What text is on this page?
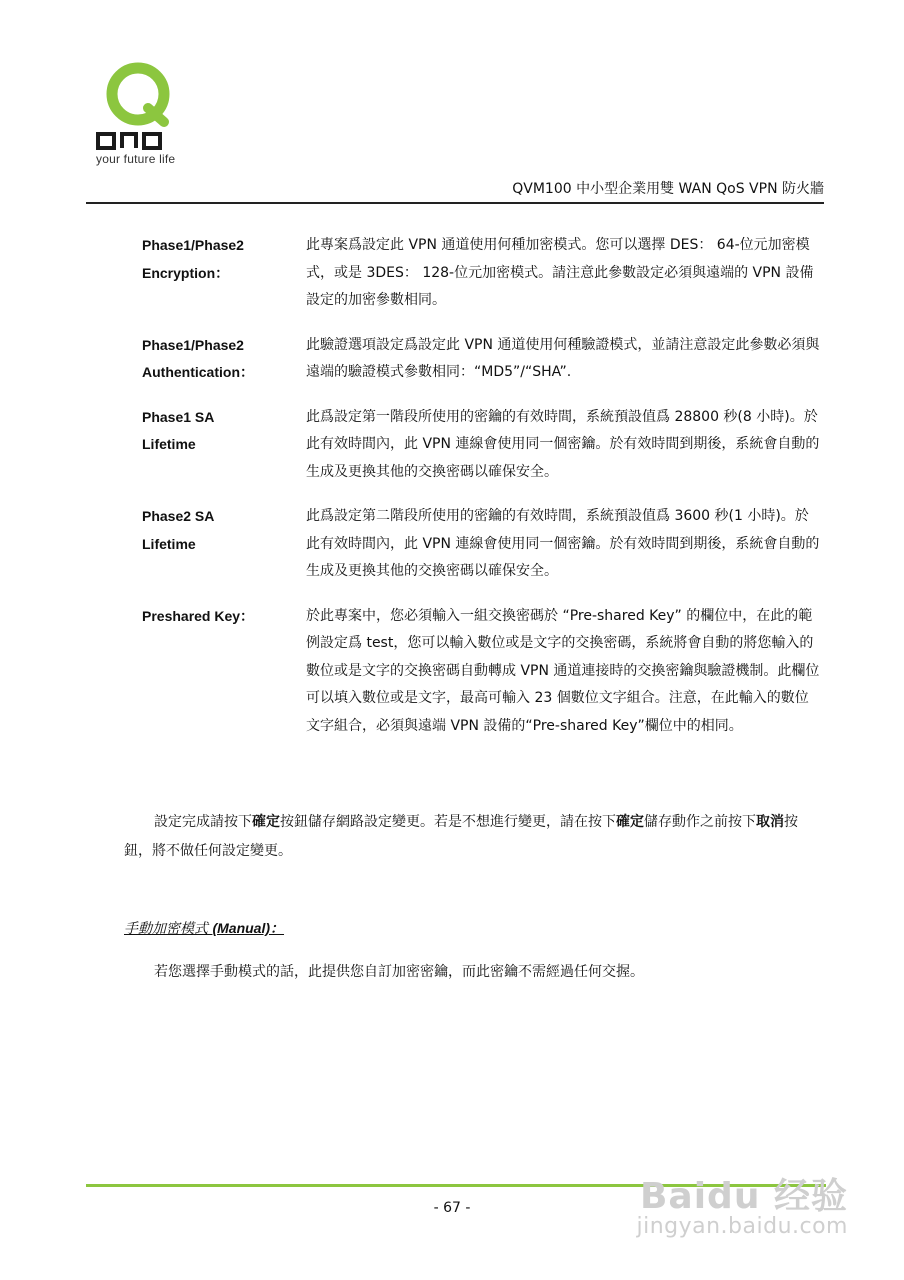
QNO
your future life
QVM100 中小型企業用雙 WAN QoS VPN 防火牆
Phase1/Phase2
Encryption：
此專案爲設定此 VPN 通道使用何種加密模式。您可以選擇 DES： 64-位元加密模式，或是 3DES： 128-位元加密模式。請注意此參數設定必須與遠端的 VPN 設備設定的加密參數相同。
Phase1/Phase2
Authentication：
此驗證選項設定爲設定此 VPN 通道使用何種驗證模式，並請注意設定此參數必須與遠端的驗證模式參數相同：“MD5”/“SHA”.
Phase1 SA
Lifetime
此爲設定第一階段所使用的密鑰的有效時間，系統預設值爲 28800 秒(8 小時)。於此有效時間內，此 VPN 連線會使用同一個密鑰。於有效時間到期後，系統會自動的生成及更換其他的交換密碼以確保安全。
Phase2 SA
Lifetime
此爲設定第二階段所使用的密鑰的有效時間，系統預設值爲 3600 秒(1 小時)。於此有效時間內，此 VPN 連線會使用同一個密鑰。於有效時間到期後，系統會自動的生成及更換其他的交換密碼以確保安全。
Preshared Key：	於此專案中，您必須輸入一組交換密碼於 “Pre-shared Key” 的欄位中，在此的範例設定爲 test，您可以輸入數位或是文字的交換密碼，系統將會自動的將您輸入的數位或是文字的交換密碼自動轉成 VPN 通道連接時的交換密鑰與驗證機制。此欄位可以填入數位或是文字，最高可輸入 23 個數位文字組合。注意，在此輸入的數位文字組合，必須與遠端 VPN 設備的“Pre-shared Key”欄位中的相同。
設定完成請按下確定按鈕儲存網路設定變更。若是不想進行變更，請在按下確定儲存動作之前按下取消按鈕，將不做任何設定變更。
手動加密模式 (Manual)：
若您選擇手動模式的話，此提供您自訂加密密鑰，而此密鑰不需經過任何交握。
- 67 -	Baidu 经验
jingyan.baidu.com
